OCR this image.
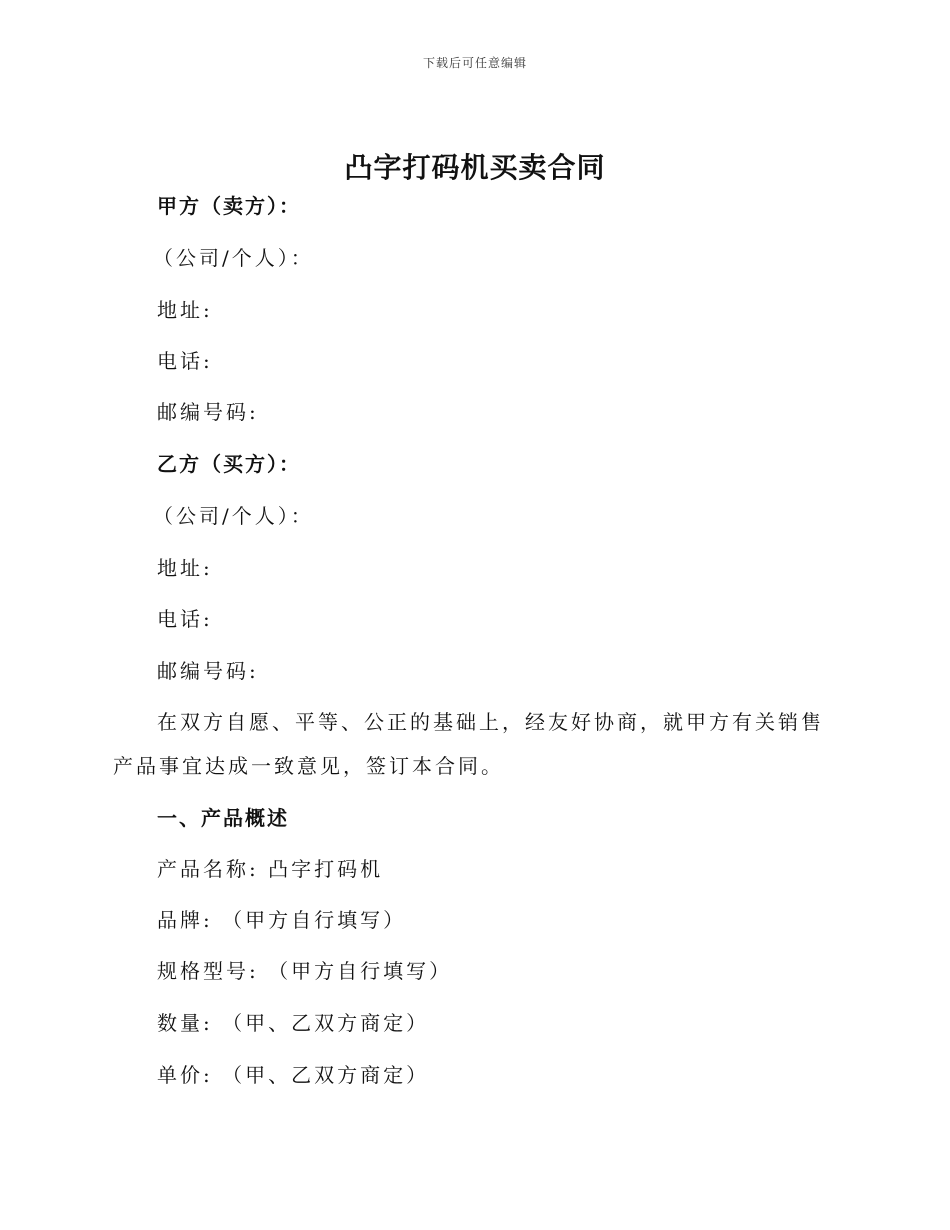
下载后可任意编辑
凸字打码机买卖合同
甲方（卖方）：
（公司/个人）：
地址:
电话:
邮编号码:
乙方（买方）：
（公司/个人）：
地址:
电话:
邮编号码:

在双方自愿、平等、公正的基础上，经友好协商，就甲方有关销售产品事宜达成一致意见，签订本合同。

一、产品概述
产品名称: 凸字打码机
品牌: （甲方自行填写）
规格型号: （甲方自行填写）
数量: （甲、乙双方商定）
单价: （甲、乙双方商定）
